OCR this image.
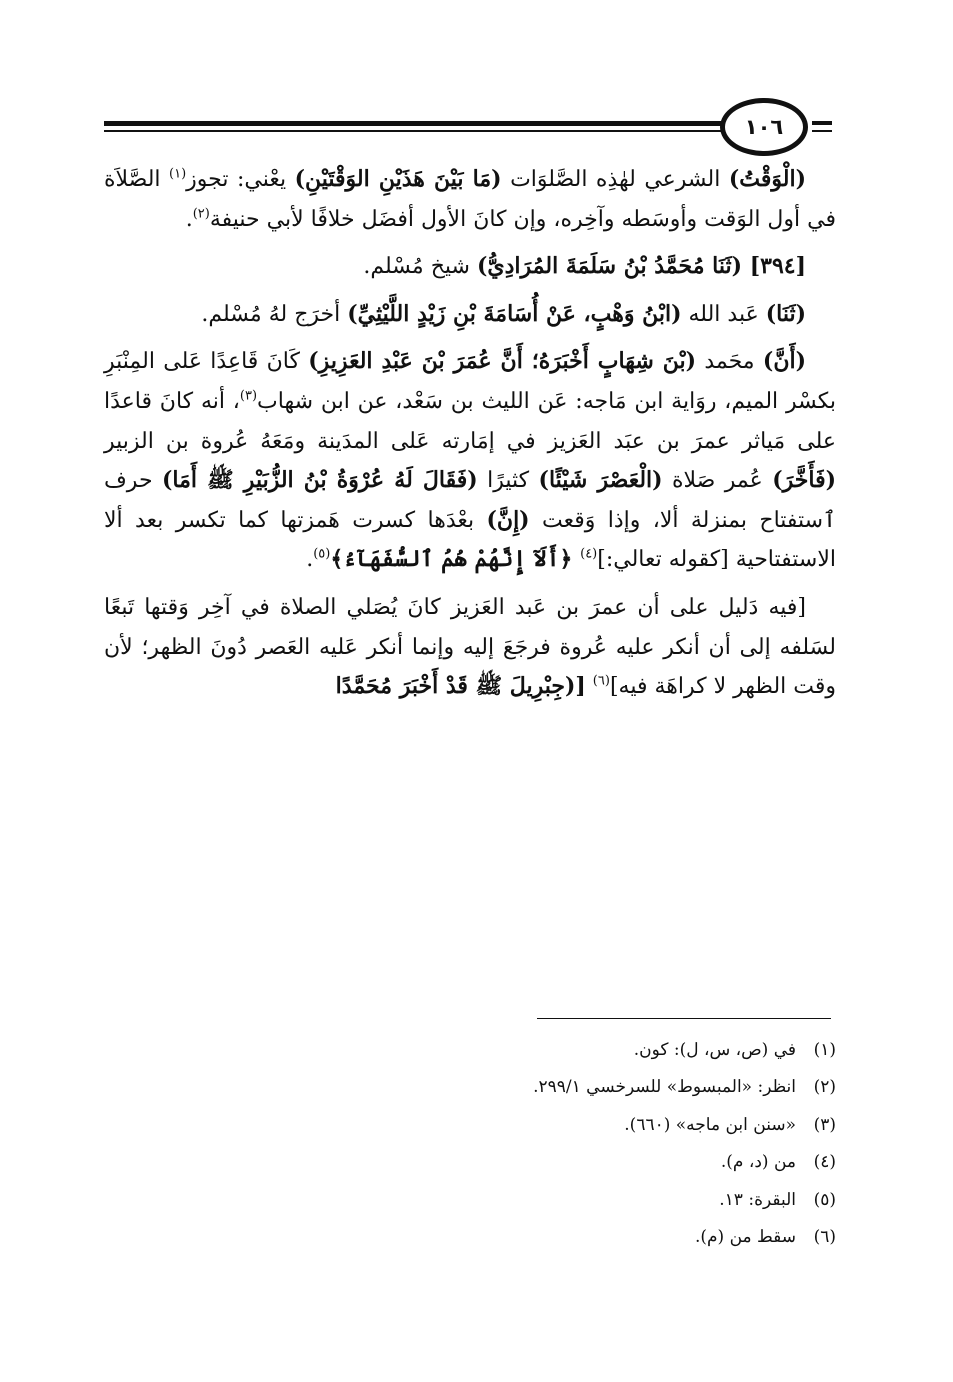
١٠٦

(الْوَقْتُ) الشرعي لهٰذِه الصَّلوَات (مَا بَيْنَ هَذَيْنِ الوَقْتَيْنِ) يعْني: تجوز$^{(١)}$ الصَّلاَة في أول الوَقت وأوسَطه وآخِره، وإن كانَ الأول أفضَل خلافًا لأبي حنيفة$^{(٢)}$.

[٣٩٤] (ثَنَا مُحَمَّدُ بْنُ سَلَمَةَ المُرَادِيُّ) شيخ مُسْلم.

(ثَنَا) عَبد الله (ابْنُ وَهْبٍ، عَنْ أُسَامَةَ بْنِ زَيْدٍ اللَّيْثِيِّ) أخرَج لهُ مُسْلم.

(أَنَّ) محَمد (بْنَ شِهَابٍ أَخْبَرَهُ؛ أَنَّ عُمَرَ بْنَ عَبْدِ العَزِيزِ) كَانَ قَاعِدًا عَلى المِنْبَرِ بكسْر الميم، روَاية ابن مَاجه: عَن الليث بن سَعْد، عن ابن شهاب$^{(٣)}$، أنه كانَ قاعدًا على مَياثر عمرَ بن عبَد العَزيز في إمَارته عَلى المدَينة ومَعَهُ عُروة بن الزبير (فَأَخَّرَ) عُمر صَلاة (الْعَصْرَ شَيْئًا) كثيرًا (فَقَالَ لَهُ عُرْوَةُ بْنُ الزُّبَيْرِ ﷺ أَمَا) حرف ٱستفتاح بمنزلة ألا، وإذا وَقعت (إِنَّ) بعْدَها كسرت هَمزتها كما تكسر بعد ألا الاستفتاحية [كقوله تعالي:]$^{(٤)}$ ﴿أَلَآ إِنَّهُمْ هُمُ ٱلسُّفَهَآءُ﴾$^{(٥)}$.

[فيه دَليل على أن عمرَ بن عَبد العَزيز كانَ يُصَلي الصلاة في آخِر وَقتها تَبعًا لسَلفه إلى أن أنكر عليه عُروة فرجَعَ إليه وإنما أنكر عَليه العَصر دُونَ الظهر؛ لأن وقت الظهر لا كراهَة فيه]$^{(٦)}$ [(جِبْرِيلَ ﷺ قَدْ أَخْبَرَ مُحَمَّدًا

(١)
في (ص، س، ل): كون.
(٢)
انظر: «المبسوط» للسرخسي ٢٩٩/١.
(٣)
«سنن ابن ماجه» (٦٦٠).
(٤)
من (د، م).
(٥)
البقرة: ١٣.
(٦)
سقط من (م).
